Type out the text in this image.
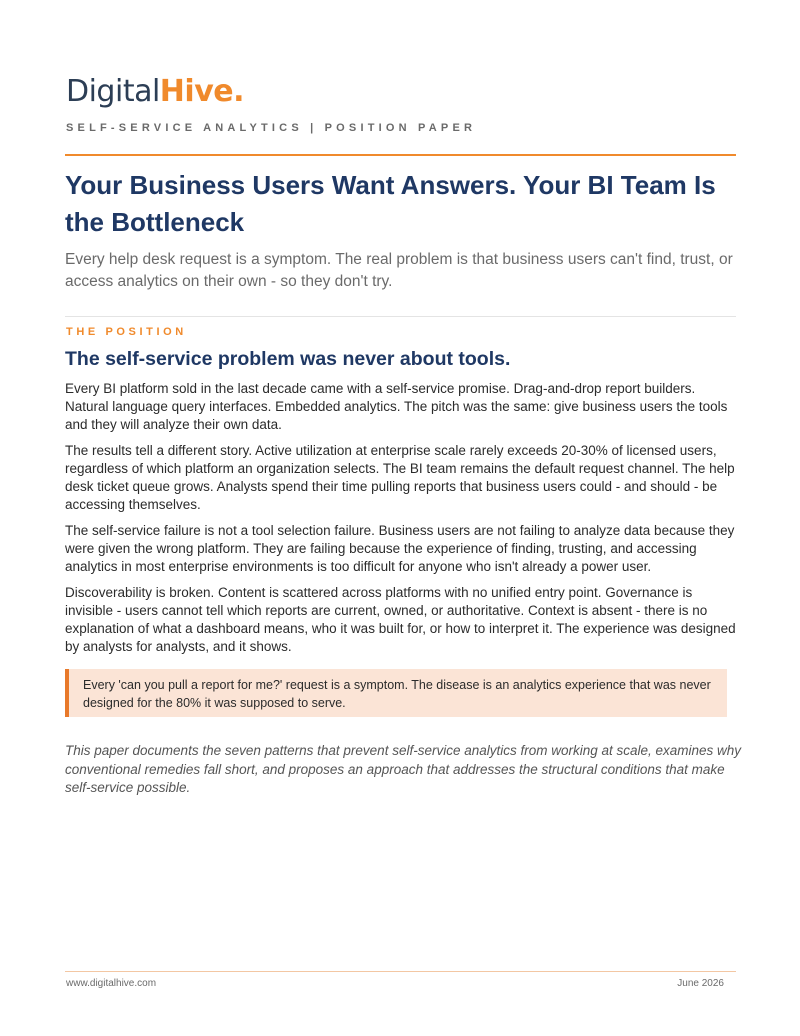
DigitalHive.
SELF-SERVICE ANALYTICS | POSITION PAPER
Your Business Users Want Answers. Your BI Team Is the Bottleneck

Every help desk request is a symptom. The real problem is that business users can't find, trust, or access analytics on their own - so they don't try.

THE POSITION
The self-service problem was never about tools.

Every BI platform sold in the last decade came with a self-service promise. Drag-and-drop report builders. Natural language query interfaces. Embedded analytics. The pitch was the same: give business users the tools and they will analyze their own data.

The results tell a different story. Active utilization at enterprise scale rarely exceeds 20-30% of licensed users, regardless of which platform an organization selects. The BI team remains the default request channel. The help desk ticket queue grows. Analysts spend their time pulling reports that business users could - and should - be accessing themselves.

The self-service failure is not a tool selection failure. Business users are not failing to analyze data because they were given the wrong platform. They are failing because the experience of finding, trusting, and accessing analytics in most enterprise environments is too difficult for anyone who isn't already a power user.

Discoverability is broken. Content is scattered across platforms with no unified entry point. Governance is invisible - users cannot tell which reports are current, owned, or authoritative. Context is absent - there is no explanation of what a dashboard means, who it was built for, or how to interpret it. The experience was designed by analysts for analysts, and it shows.

Every 'can you pull a report for me?' request is a symptom. The disease is an analytics experience that was never designed for the 80% it was supposed to serve.

This paper documents the seven patterns that prevent self-service analytics from working at scale, examines why conventional remedies fall short, and proposes an approach that addresses the structural conditions that make self-service possible.

www.digitalhive.com	June 2026
